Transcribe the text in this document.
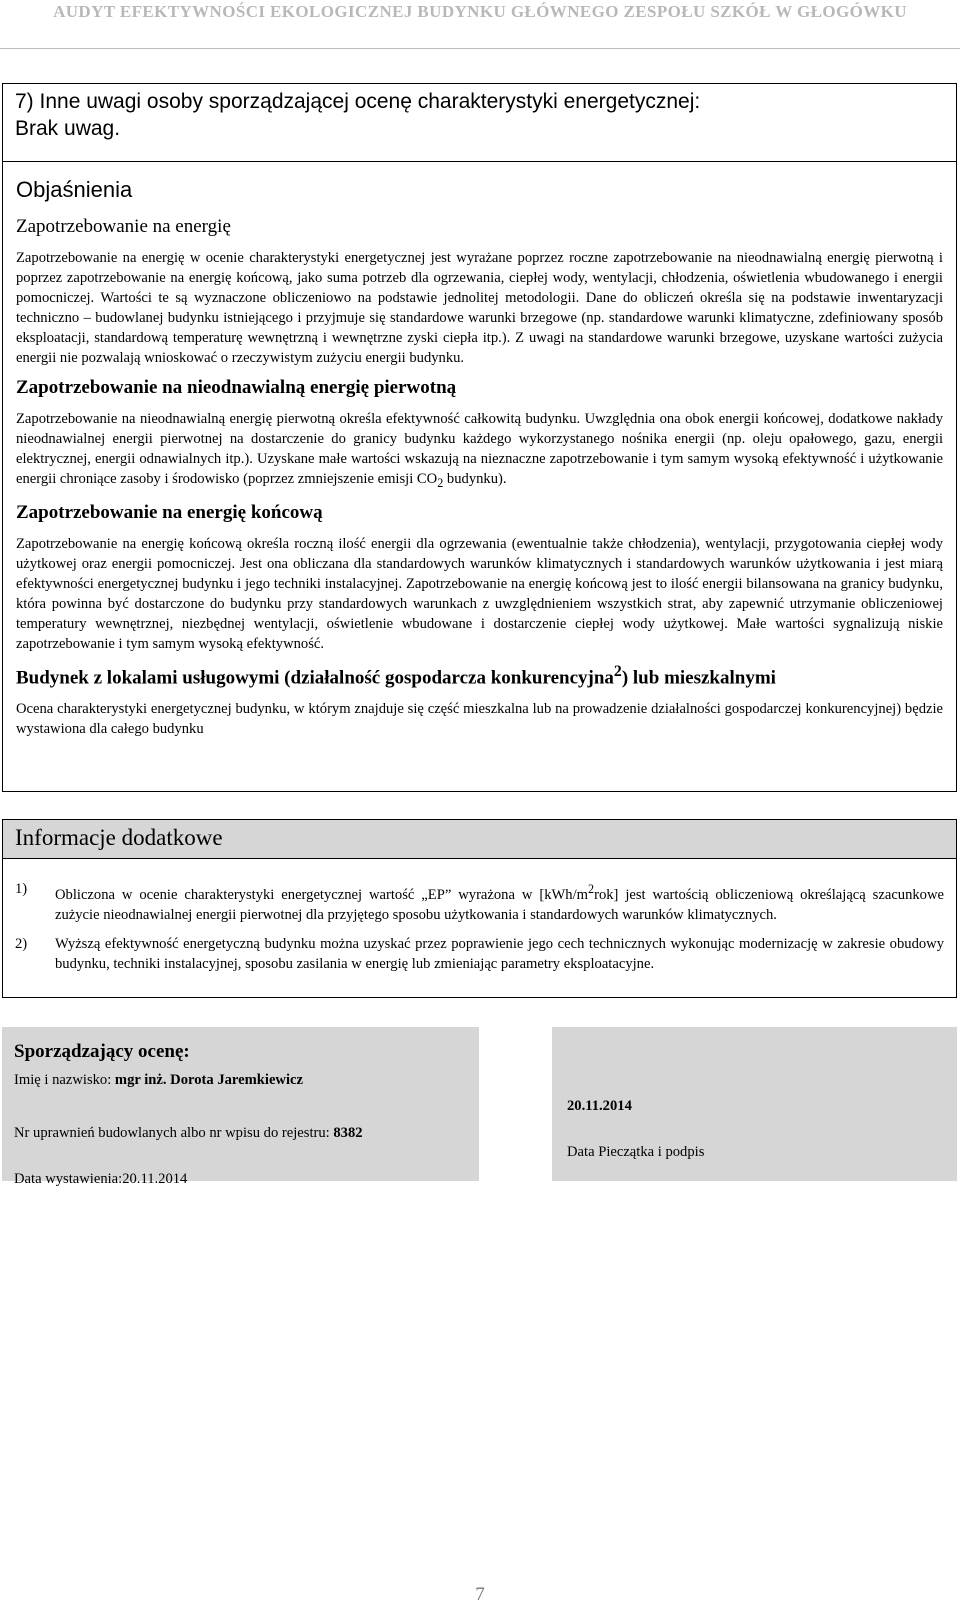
AUDYT EFEKTYWNOŚCI EKOLOGICZNEJ BUDYNKU GŁÓWNEGO ZESPOŁU SZKÓŁ W GŁOGÓWKU
7) Inne uwagi osoby sporządzającej ocenę charakterystyki energetycznej:
Brak uwag.
Objaśnienia
Zapotrzebowanie na energię

Zapotrzebowanie na energię w ocenie charakterystyki energetycznej jest wyrażane poprzez roczne zapotrzebowanie na nieodnawialną energię pierwotną i poprzez zapotrzebowanie na energię końcową, jako suma potrzeb dla ogrzewania, ciepłej wody, wentylacji, chłodzenia, oświetlenia wbudowanego i energii pomocniczej. Wartości te są wyznaczone obliczeniowo na podstawie jednolitej metodologii. Dane do obliczeń określa się na podstawie inwentaryzacji techniczno – budowlanej budynku istniejącego i przyjmuje się standardowe warunki brzegowe (np. standardowe warunki klimatyczne, zdefiniowany sposób eksploatacji, standardową temperaturę wewnętrzną i wewnętrzne zyski ciepła itp.). Z uwagi na standardowe warunki brzegowe, uzyskane wartości zużycia energii nie pozwalają wnioskować o rzeczywistym zużyciu energii budynku.

Zapotrzebowanie na nieodnawialną energię pierwotną

Zapotrzebowanie na nieodnawialną energię pierwotną określa efektywność całkowitą budynku. Uwzględnia ona obok energii końcowej, dodatkowe nakłady nieodnawialnej energii pierwotnej na dostarczenie do granicy budynku każdego wykorzystanego nośnika energii (np. oleju opałowego, gazu, energii elektrycznej, energii odnawialnych itp.). Uzyskane małe wartości wskazują na nieznaczne zapotrzebowanie i tym samym wysoką efektywność i użytkowanie energii chroniące zasoby i środowisko (poprzez zmniejszenie emisji $CO_2$ budynku).

Zapotrzebowanie na energię końcową

Zapotrzebowanie na energię końcową określa roczną ilość energii dla ogrzewania (ewentualnie także chłodzenia), wentylacji, przygotowania ciepłej wody użytkowej oraz energii pomocniczej. Jest ona obliczana dla standardowych warunków klimatycznych i standardowych warunków użytkowania i jest miarą efektywności energetycznej budynku i jego techniki instalacyjnej. Zapotrzebowanie na energię końcową jest to ilość energii bilansowana na granicy budynku, która powinna być dostarczone do budynku przy standardowych warunkach z uwzględnieniem wszystkich strat, aby zapewnić utrzymanie obliczeniowej temperatury wewnętrznej, niezbędnej wentylacji, oświetlenie wbudowane i dostarczenie ciepłej wody użytkowej. Małe wartości sygnalizują niskie zapotrzebowanie i tym samym wysoką efektywność.

Budynek z lokalami usługowymi (działalność gospodarcza konkurencyjna$^2$) lub mieszkalnymi

Ocena charakterystyki energetycznej budynku, w którym znajduje się część mieszkalna lub na prowadzenie działalności gospodarczej konkurencyjnej) będzie wystawiona dla całego budynku

Informacje dodatkowe
1)	Obliczona w ocenie charakterystyki energetycznej wartość „EP” wyrażona w $[kWh/m^2rok]$ jest wartością obliczeniową określającą szacunkowe zużycie nieodnawialnej energii pierwotnej dla przyjętego sposobu użytkowania i standardowych warunków klimatycznych.
2)	Wyższą efektywność energetyczną budynku można uzyskać przez poprawienie jego cech technicznych wykonując modernizację w zakresie obudowy budynku, techniki instalacyjnej, sposobu zasilania w energię lub zmieniając parametry eksploatacyjne.
Sporządzający ocenę:
Imię i nazwisko: mgr inż. Dorota Jaremkiewicz
Nr uprawnień budowlanych albo nr wpisu do rejestru: 8382
Data wystawienia:20.11.2014
20.11.2014
Data Pieczątka i podpis
7
